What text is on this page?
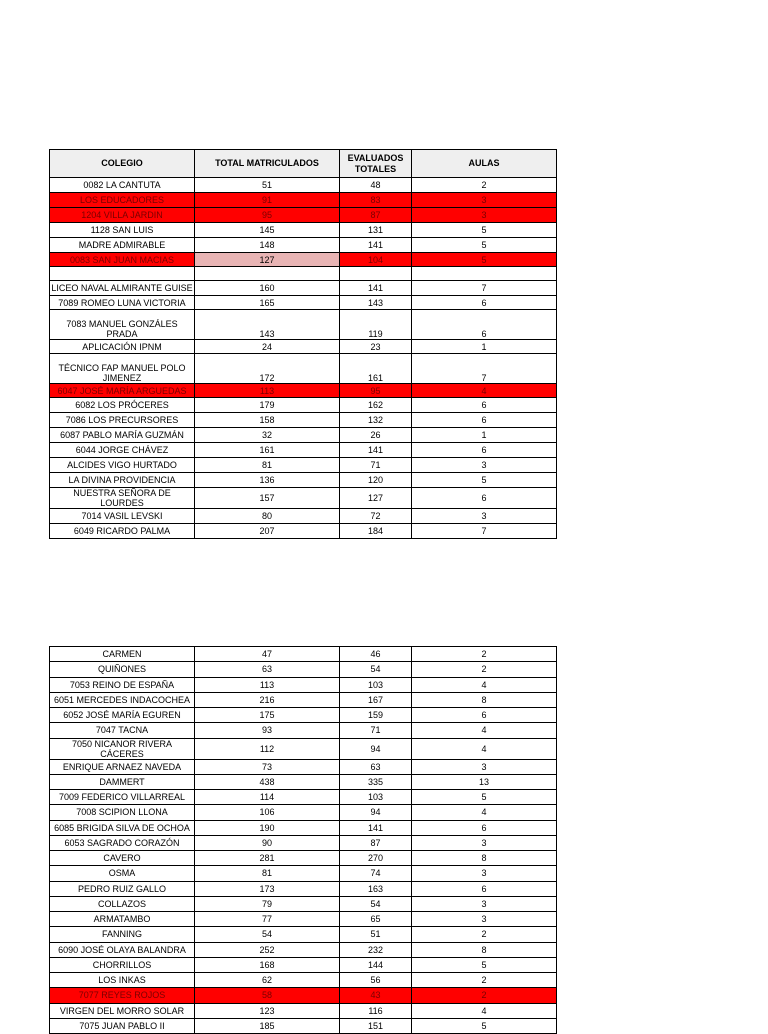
COLEGIO	TOTAL MATRICULADOS	EVALUADOS TOTALES	AULAS
0082 LA CANTUTA	51	48	2
LOS EDUCADORES	91	83	3
1204 VILLA JARDIN	95	87	3
1128 SAN LUIS	145	131	5
MADRE ADMIRABLE	148	141	5
0083 SAN JUAN MACIAS	127	104	5

LICEO NAVAL ALMIRANTE GUISE	160	141	7
7089 ROMEO LUNA VICTORIA	165	143	6
7083 MANUEL GONZÁLES PRADA	143	119	6
APLICACIÓN IPNM	24	23	1
TÉCNICO FAP MANUEL POLO JIMENEZ	172	161	7
6047 JOSÉ MARÍA ARGUEDAS	113	95	4
6082 LOS PRÓCERES	179	162	6
7086 LOS PRECURSORES	158	132	6
6087 PABLO MARÍA GUZMÁN	32	26	1
6044 JORGE CHÁVEZ	161	141	6
ALCIDES VIGO HURTADO	81	71	3
LA DIVINA PROVIDENCIA	136	120	5
NUESTRA SEÑORA DE LOURDES	157	127	6
7014 VASIL LEVSKI	80	72	3
6049 RICARDO PALMA	207	184	7
CARMEN	47	46	2
QUIÑONES	63	54	2
7053 REINO DE ESPAÑA	113	103	4
6051 MERCEDES INDACOCHEA	216	167	8
6052 JOSÉ MARÍA EGUREN	175	159	6
7047 TACNA	93	71	4
7050 NICANOR RIVERA CÁCERES	112	94	4
ENRIQUE ARNAEZ NAVEDA	73	63	3
DAMMERT	438	335	13
7009 FEDERICO VILLARREAL	114	103	5
7008 SCIPION LLONA	106	94	4
6085 BRIGIDA SILVA DE OCHOA	190	141	6
6053 SAGRADO CORAZÓN	90	87	3
CAVERO	281	270	8
OSMA	81	74	3
PEDRO RUIZ GALLO	173	163	6
COLLAZOS	79	54	3
ARMATAMBO	77	65	3
FANNING	54	51	2
6090 JOSÉ OLAYA BALANDRA	252	232	8
CHORRILLOS	168	144	5
LOS INKAS	62	56	2
7077 REYES ROJOS	58	43	2
VIRGEN DEL MORRO SOLAR	123	116	4
7075 JUAN PABLO II	185	151	5
